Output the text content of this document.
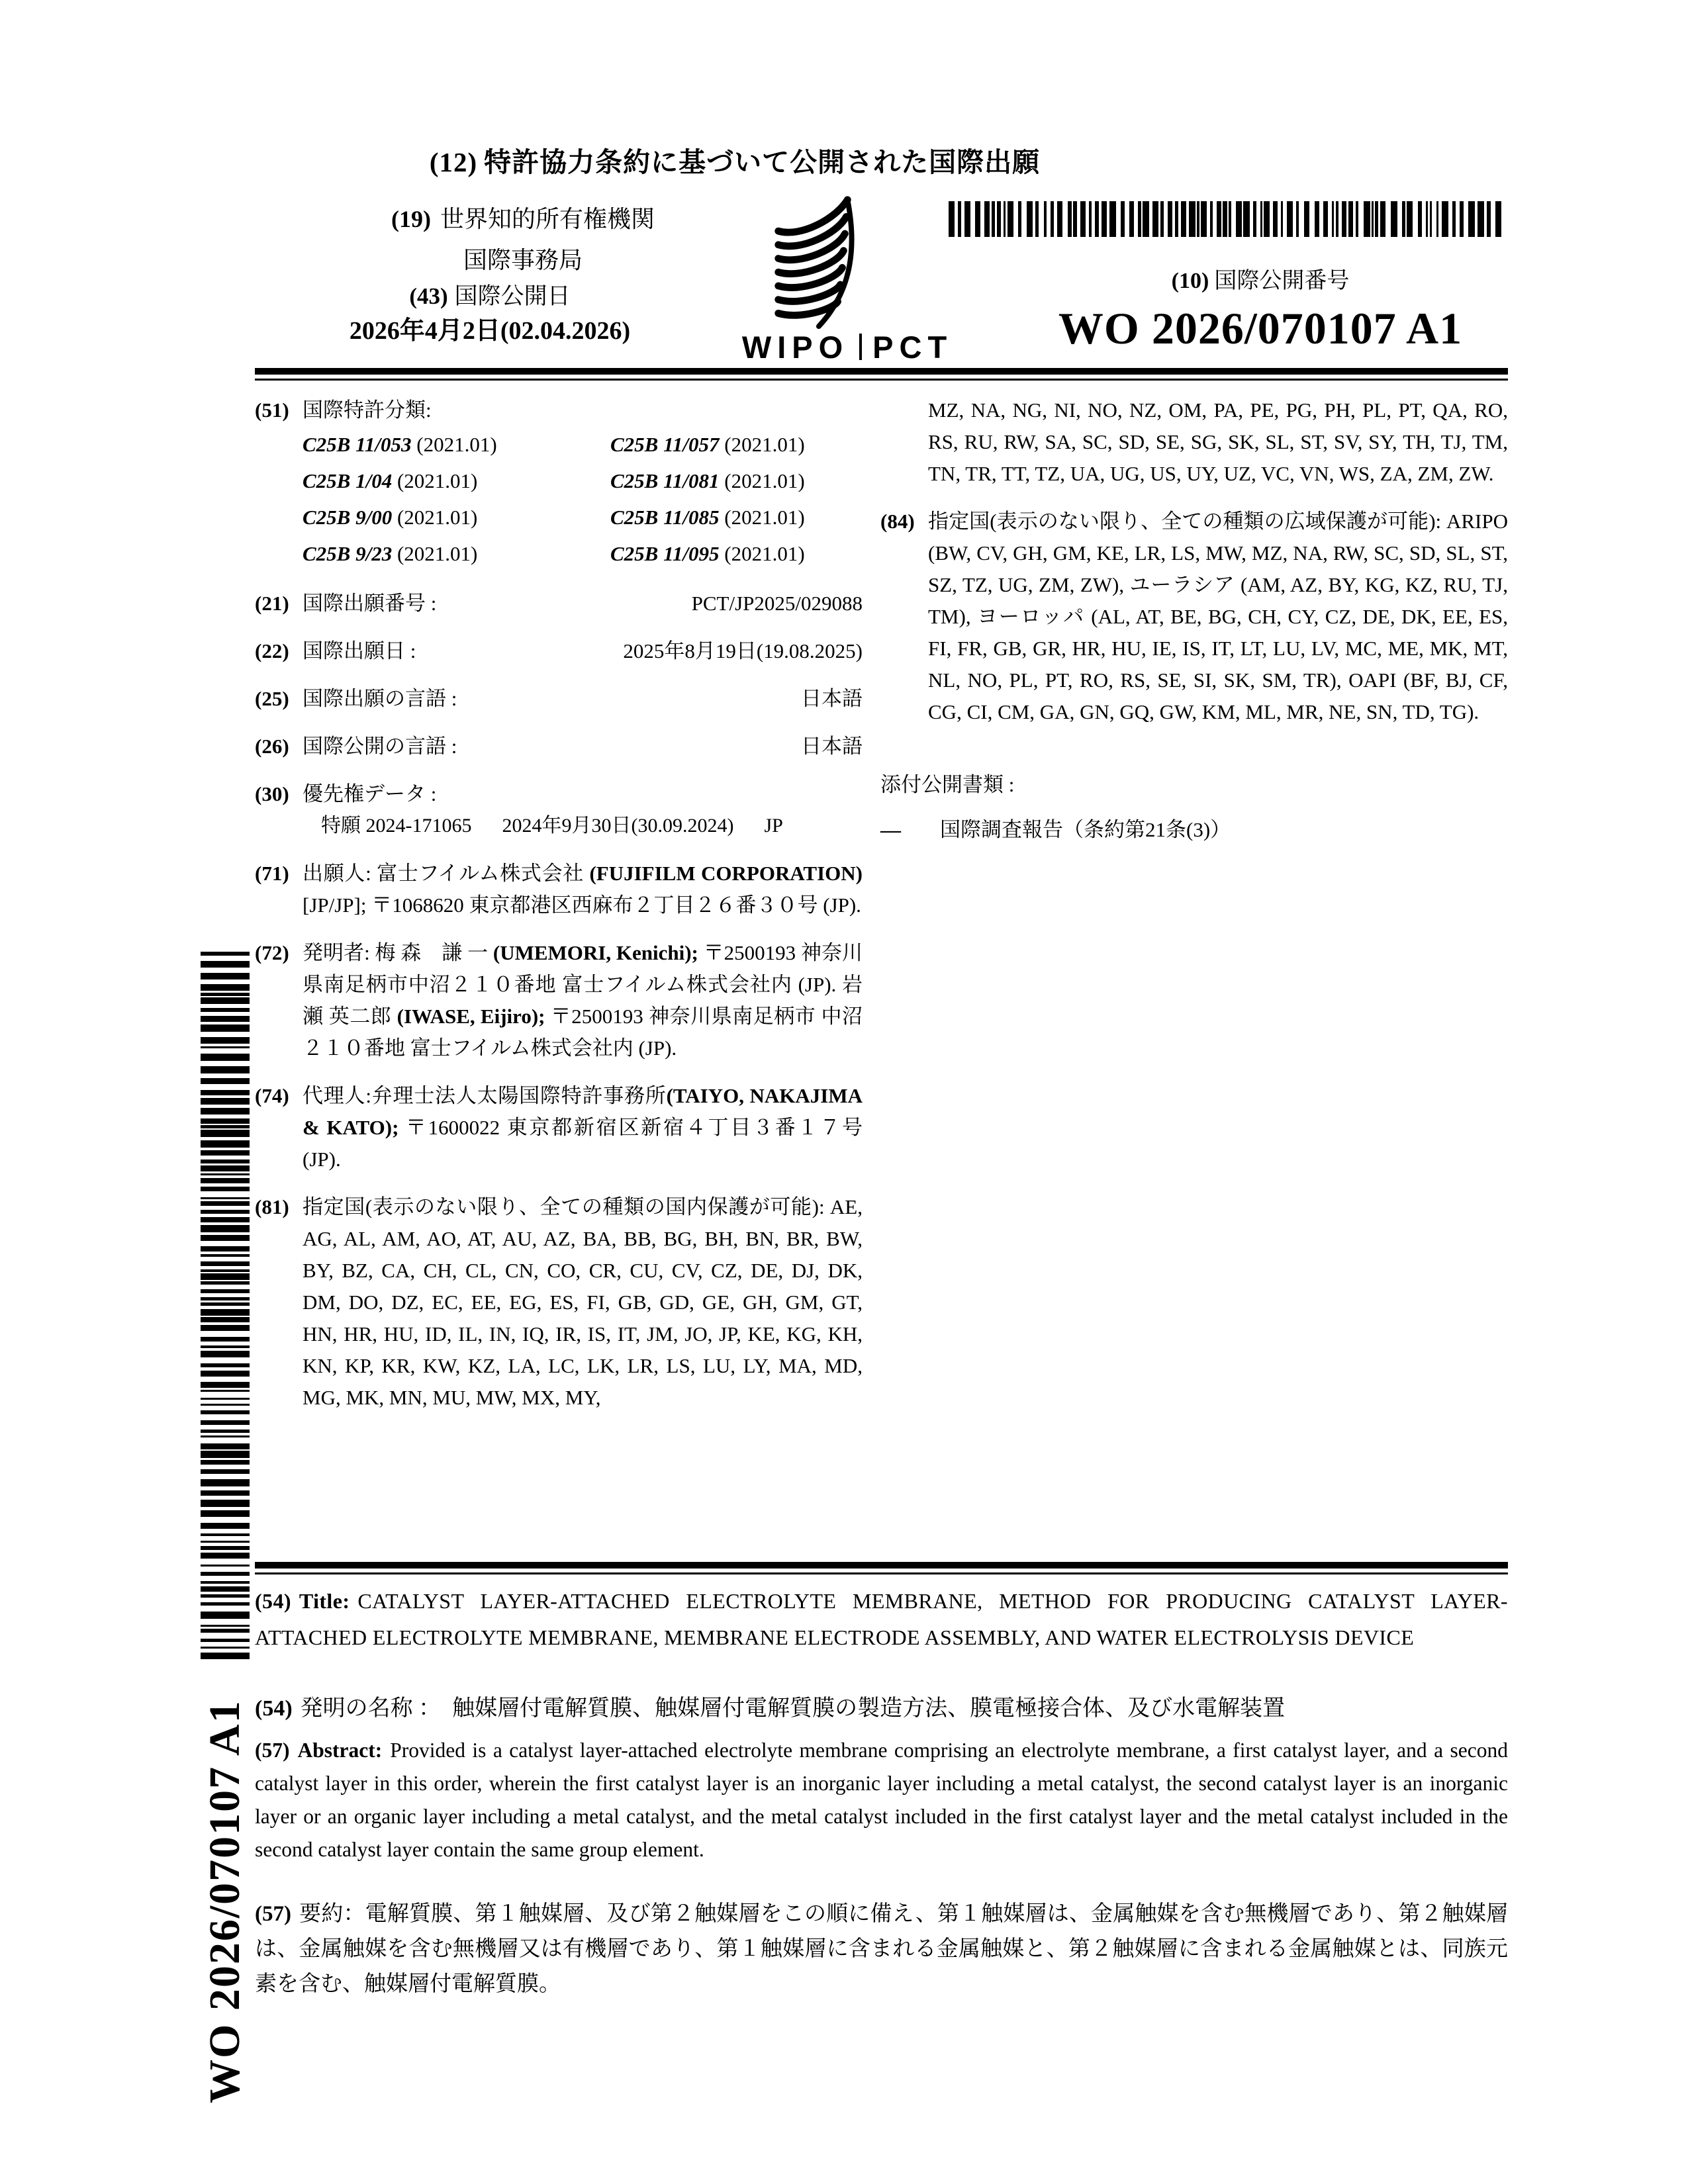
(12) 特許協力条約に基づいて公開された国際出願
(19) 世界知的所有権機関
国際事務局
(43) 国際公開日
2026年4月2日(02.04.2026)	WIPO PCT
(10) 国際公開番号
WO 2026/070107 A1
WO 2026/070107 A1
(51) 国際特許分類:
C25B 11/053 (2021.01)	C25B 11/057 (2021.01)
C25B 1/04 (2021.01)	C25B 11/081 (2021.01)
C25B 9/00 (2021.01)	C25B 11/085 (2021.01)
C25B 9/23 (2021.01)	C25B 11/095 (2021.01)
(21) 国際出願番号 :	PCT/JP2025/029088
(22) 国際出願日 :	2025年8月19日(19.08.2025)
(25) 国際出願の言語 :	日本語
(26) 国際公開の言語 :	日本語
(30) 優先権データ :
特願 2024-171065 2024年9月30日(30.09.2024) JP
(71) 出願人: 富士フイルム株式会社 (FUJIFILM CORPORATION) [JP/JP]; 〒1068620 東京都港区西麻布２丁目２６番３０号 (JP).
(72) 発明者: 梅 森　謙 一 (UMEMORI, Kenichi); 〒2500193 神奈川県南足柄市中沼２１０番地 富士フイルム株式会社内 (JP). 岩瀬 英二郎 (IWASE, Eijiro); 〒2500193 神奈川県南足柄市 中沼２１０番地 富士フイルム株式会社内 (JP).
(74) 代理人:弁理士法人太陽国際特許事務所(TAIYO, NAKAJIMA & KATO); 〒1600022 東京都新宿区新宿４丁目３番１７号 (JP).
(81) 指定国(表示のない限り、全ての種類の国内保護が可能): AE, AG, AL, AM, AO, AT, AU, AZ, BA, BB, BG, BH, BN, BR, BW, BY, BZ, CA, CH, CL, CN, CO, CR, CU, CV, CZ, DE, DJ, DK, DM, DO, DZ, EC, EE, EG, ES, FI, GB, GD, GE, GH, GM, GT, HN, HR, HU, ID, IL, IN, IQ, IR, IS, IT, JM, JO, JP, KE, KG, KH, KN, KP, KR, KW, KZ, LA, LC, LK, LR, LS, LU, LY, MA, MD, MG, MK, MN, MU, MW, MX, MY,
MZ, NA, NG, NI, NO, NZ, OM, PA, PE, PG, PH, PL, PT, QA, RO, RS, RU, RW, SA, SC, SD, SE, SG, SK, SL, ST, SV, SY, TH, TJ, TM, TN, TR, TT, TZ, UA, UG, US, UY, UZ, VC, VN, WS, ZA, ZM, ZW.
(84) 指定国(表示のない限り、全ての種類の広域保護が可能): ARIPO (BW, CV, GH, GM, KE, LR, LS, MW, MZ, NA, RW, SC, SD, SL, ST, SZ, TZ, UG, ZM, ZW), ユーラシア (AM, AZ, BY, KG, KZ, RU, TJ, TM), ヨーロッパ (AL, AT, BE, BG, CH, CY, CZ, DE, DK, EE, ES, FI, FR, GB, GR, HR, HU, IE, IS, IT, LT, LU, LV, MC, ME, MK, MT, NL, NO, PL, PT, RO, RS, SE, SI, SK, SM, TR), OAPI (BF, BJ, CF, CG, CI, CM, GA, GN, GQ, GW, KM, ML, MR, NE, SN, TD, TG).
添付公開書類 :
— 国際調査報告（条約第21条(3)）
(54) Title: CATALYST LAYER-ATTACHED ELECTROLYTE MEMBRANE, METHOD FOR PRODUCING CATALYST LAYER-ATTACHED ELECTROLYTE MEMBRANE, MEMBRANE ELECTRODE ASSEMBLY, AND WATER ELECTROLYSIS DEVICE
(54) 発明の名称 ：　 触媒層付電解質膜、触媒層付電解質膜の製造方法、膜電極接合体、及び水電解装置
(57) Abstract: Provided is a catalyst layer-attached electrolyte membrane comprising an electrolyte membrane, a first catalyst layer, and a second catalyst layer in this order, wherein the first catalyst layer is an inorganic layer including a metal catalyst, the second catalyst layer is an inorganic layer or an organic layer including a metal catalyst, and the metal catalyst included in the first catalyst layer and the metal catalyst included in the second catalyst layer contain the same group element.
(57) 要約：電解質膜、第１触媒層、及び第２触媒層をこの順に備え、第１触媒層は、金属触媒を含む無機層であり、第２触媒層は、金属触媒を含む無機層又は有機層であり、第１触媒層に含まれる金属触媒と、第２触媒層に含まれる金属触媒とは、同族元素を含む、触媒層付電解質膜。
